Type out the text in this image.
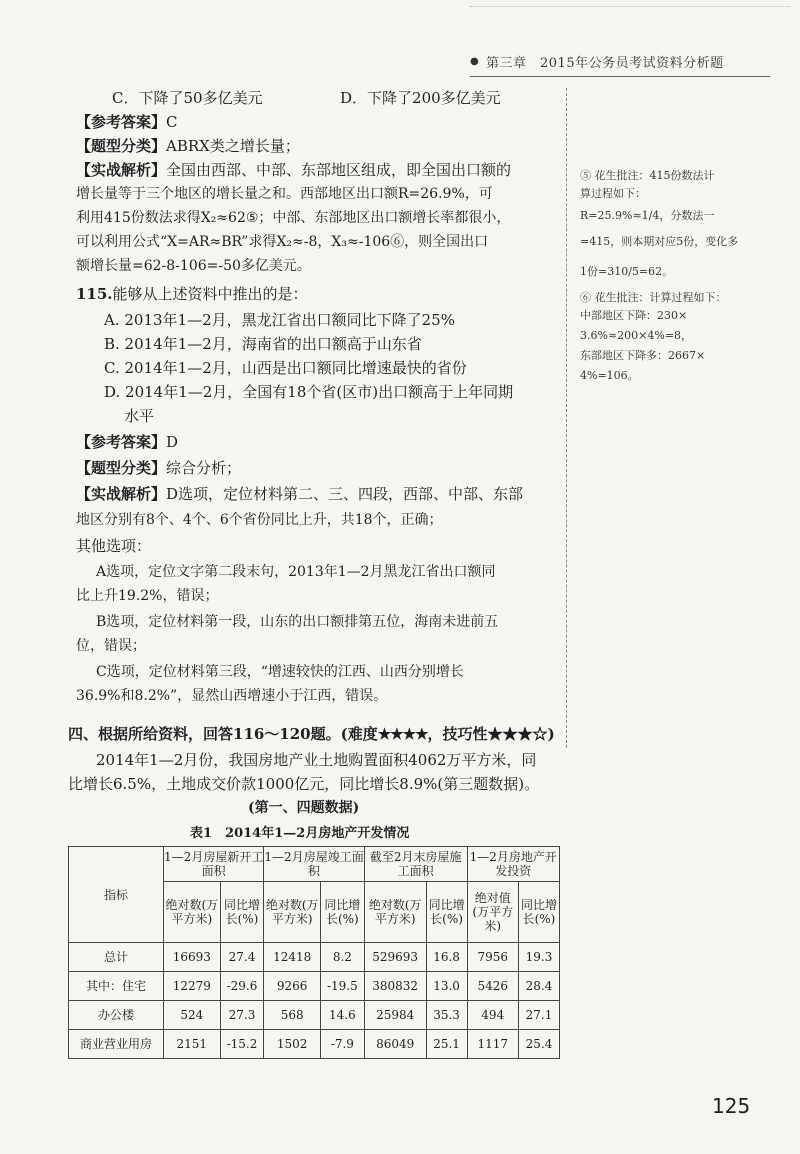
● 第三章　2015年公务员考试资料分析题
C．下降了50多亿美元	D．下降了200多亿美元
【参考答案】C
【题型分类】ABRX类之增长量；
【实战解析】全国由西部、中部、东部地区组成，即全国出口额的
增长量等于三个地区的增长量之和。西部地区出口额R=26.9%，可
利用415份数法求得X₂≈62⑤；中部、东部地区出口额增长率都很小，
可以利用公式“X=AR≈BR”求得X₂≈-8，X₃≈-106⑥，则全国出口
额增长量=62-8-106=-50多亿美元。
115.能够从上述资料中推出的是：
A. 2013年1—2月，黑龙江省出口额同比下降了25%
B. 2014年1—2月，海南省的出口额高于山东省
C. 2014年1—2月，山西是出口额同比增速最快的省份
D. 2014年1—2月，全国有18个省(区市)出口额高于上年同期
水平
【参考答案】D
【题型分类】综合分析；
【实战解析】D选项，定位材料第二、三、四段，西部、中部、东部
地区分别有8个、4个、6个省份同比上升，共18个，正确；
其他选项：
A选项，定位文字第二段末句，2013年1—2月黑龙江省出口额同
比上升19.2%，错误；
B选项，定位材料第一段，山东的出口额排第五位，海南未进前五
位，错误；
C选项，定位材料第三段，“增速较快的江西、山西分别增长
36.9%和8.2%”，显然山西增速小于江西，错误。
⑤ 花生批注：415份数法计
算过程如下：
R=25.9%≈1/4，分数法一
=415，则本期对应5份，变化多
1份=310/5=62。
⑥ 花生批注：计算过程如下：
中部地区下降：230×
3.6%≈200×4%=8，
东部地区下降多：2667×
4%=106。
四、根据所给资料，回答116～120题。(难度★★★★，技巧性★★★☆)
2014年1—2月份，我国房地产业土地购置面积4062万平方米，同
比增长6.5%，土地成交价款1000亿元，同比增长8.9%(第三题数据)。
(第一、四题数据)
表1　2014年1—2月房地产开发情况
指标	1—2月房屋新开工面积		1—2月房屋竣工面积		截至2月末房屋施工面积		1—2月房地产开发投资	
	绝对数(万平方米)	同比增长(%)	绝对数(万平方米)	同比增长(%)	绝对数(万平方米)	同比增长(%)	绝对值(万平方米)	同比增长(%)
总计	16693	27.4	12418	8.2	529693	16.8	7956	19.3
其中：住宅	12279	-29.6	9266	-19.5	380832	13.0	5426	28.4
办公楼	524	27.3	568	14.6	25984	35.3	494	27.1
商业营业用房	2151	-15.2	1502	-7.9	86049	25.1	1117	25.4
125
